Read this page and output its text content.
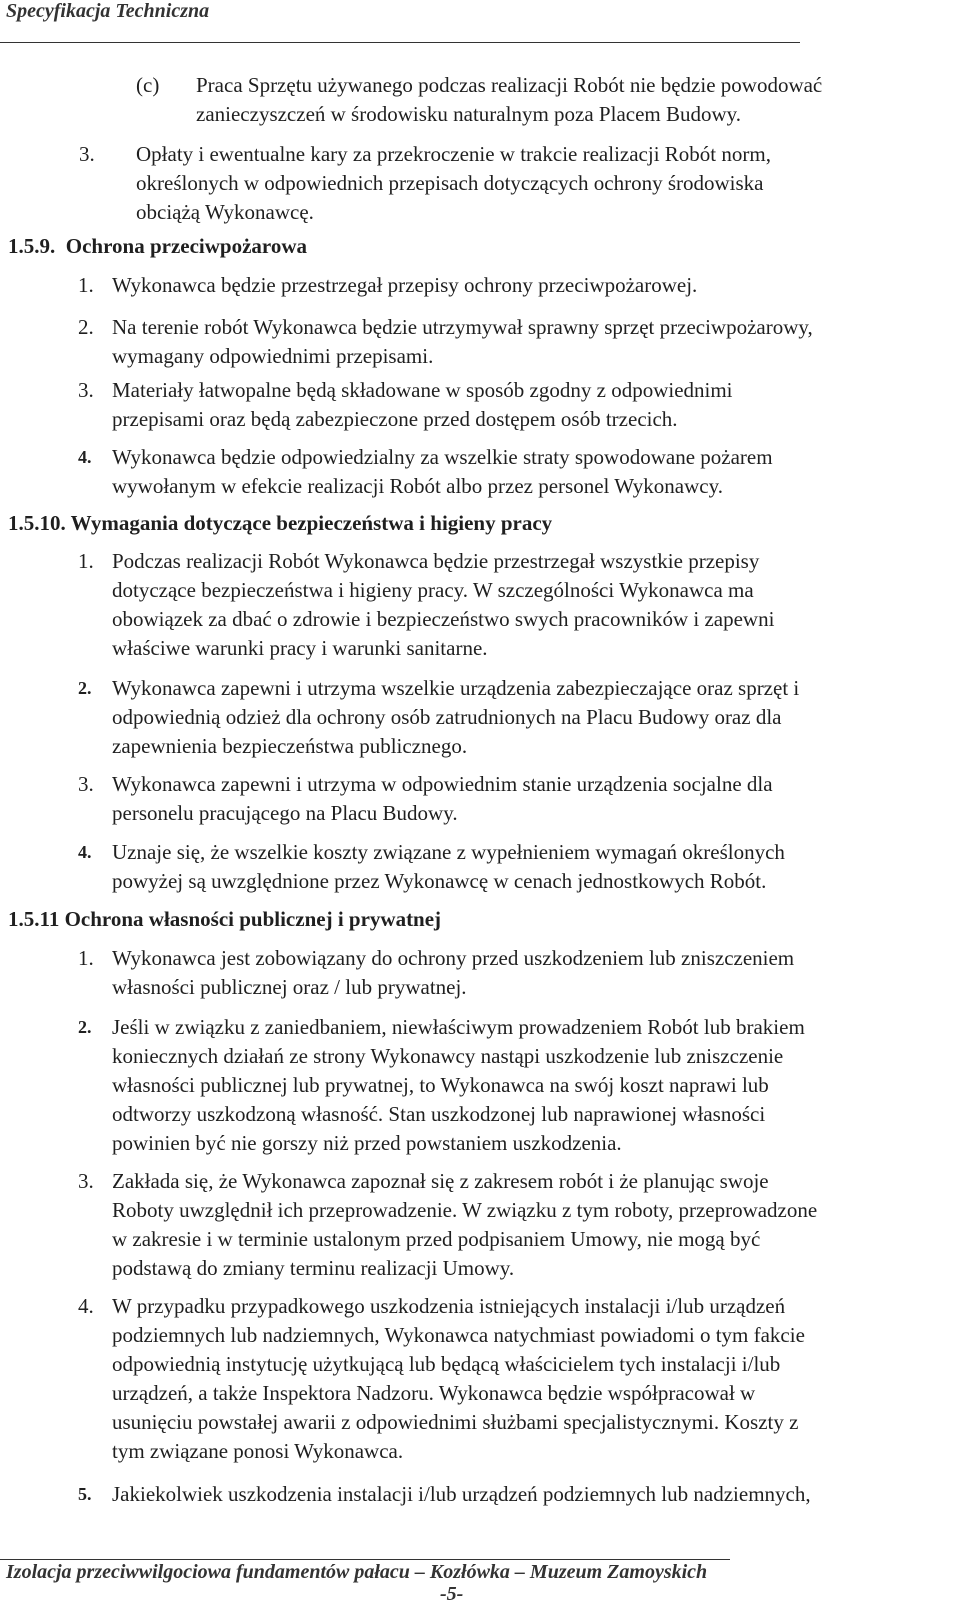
Specyfikacja Techniczna
(c) Praca Sprzętu używanego podczas realizacji Robót nie będzie powodować
zanieczyszczeń w środowisku naturalnym poza Placem Budowy.
3. Opłaty i ewentualne kary za przekroczenie w trakcie realizacji Robót norm,
określonych w odpowiednich przepisach dotyczących ochrony środowiska
obciążą Wykonawcę.
1.5.9.  Ochrona przeciwpożarowa
1. Wykonawca będzie przestrzegał przepisy ochrony przeciwpożarowej.
2. Na terenie robót Wykonawca będzie utrzymywał sprawny sprzęt przeciwpożarowy,
wymagany odpowiednimi przepisami.
3. Materiały łatwopalne będą składowane w sposób zgodny z odpowiednimi
przepisami oraz będą zabezpieczone przed dostępem osób trzecich.
4. Wykonawca będzie odpowiedzialny za wszelkie straty spowodowane pożarem
wywołanym w efekcie realizacji Robót albo przez personel Wykonawcy.
1.5.10. Wymagania dotyczące bezpieczeństwa i higieny pracy
1. Podczas realizacji Robót Wykonawca będzie przestrzegał wszystkie przepisy
dotyczące bezpieczeństwa i higieny pracy. W szczególności Wykonawca ma
obowiązek za dbać o zdrowie i bezpieczeństwo swych pracowników i zapewni
właściwe warunki pracy i warunki sanitarne.
2. Wykonawca zapewni i utrzyma wszelkie urządzenia zabezpieczające oraz sprzęt i
odpowiednią odzież dla ochrony osób zatrudnionych na Placu Budowy oraz dla
zapewnienia bezpieczeństwa publicznego.
3. Wykonawca zapewni i utrzyma w odpowiednim stanie urządzenia socjalne dla
personelu pracującego na Placu Budowy.
4. Uznaje się, że wszelkie koszty związane z wypełnieniem wymagań określonych
powyżej są uwzględnione przez Wykonawcę w cenach jednostkowych Robót.
1.5.11 Ochrona własności publicznej i prywatnej
1. Wykonawca jest zobowiązany do ochrony przed uszkodzeniem lub zniszczeniem
własności publicznej oraz / lub prywatnej.
2. Jeśli w związku z zaniedbaniem, niewłaściwym prowadzeniem Robót lub brakiem
koniecznych działań ze strony Wykonawcy nastąpi uszkodzenie lub zniszczenie
własności publicznej lub prywatnej, to Wykonawca na swój koszt naprawi lub
odtworzy uszkodzoną własność. Stan uszkodzonej lub naprawionej własności
powinien być nie gorszy niż przed powstaniem uszkodzenia.
3. Zakłada się, że Wykonawca zapoznał się z zakresem robót i że planując swoje
Roboty uwzględnił ich przeprowadzenie. W związku z tym roboty, przeprowadzone
w zakresie i w terminie ustalonym przed podpisaniem Umowy, nie mogą być
podstawą do zmiany terminu realizacji Umowy.
4. W przypadku przypadkowego uszkodzenia istniejących instalacji i/lub urządzeń
podziemnych lub nadziemnych, Wykonawca natychmiast powiadomi o tym fakcie
odpowiednią instytucję użytkującą lub będącą właścicielem tych instalacji i/lub
urządzeń, a także Inspektora Nadzoru. Wykonawca będzie współpracował w
usunięciu powstałej awarii z odpowiednimi służbami specjalistycznymi. Koszty z
tym związane ponosi Wykonawca.
5. Jakiekolwiek uszkodzenia instalacji i/lub urządzeń podziemnych lub nadziemnych,
Izolacja przeciwwilgociowa fundamentów pałacu – Kozłówka – Muzeum Zamoyskich
-5-
